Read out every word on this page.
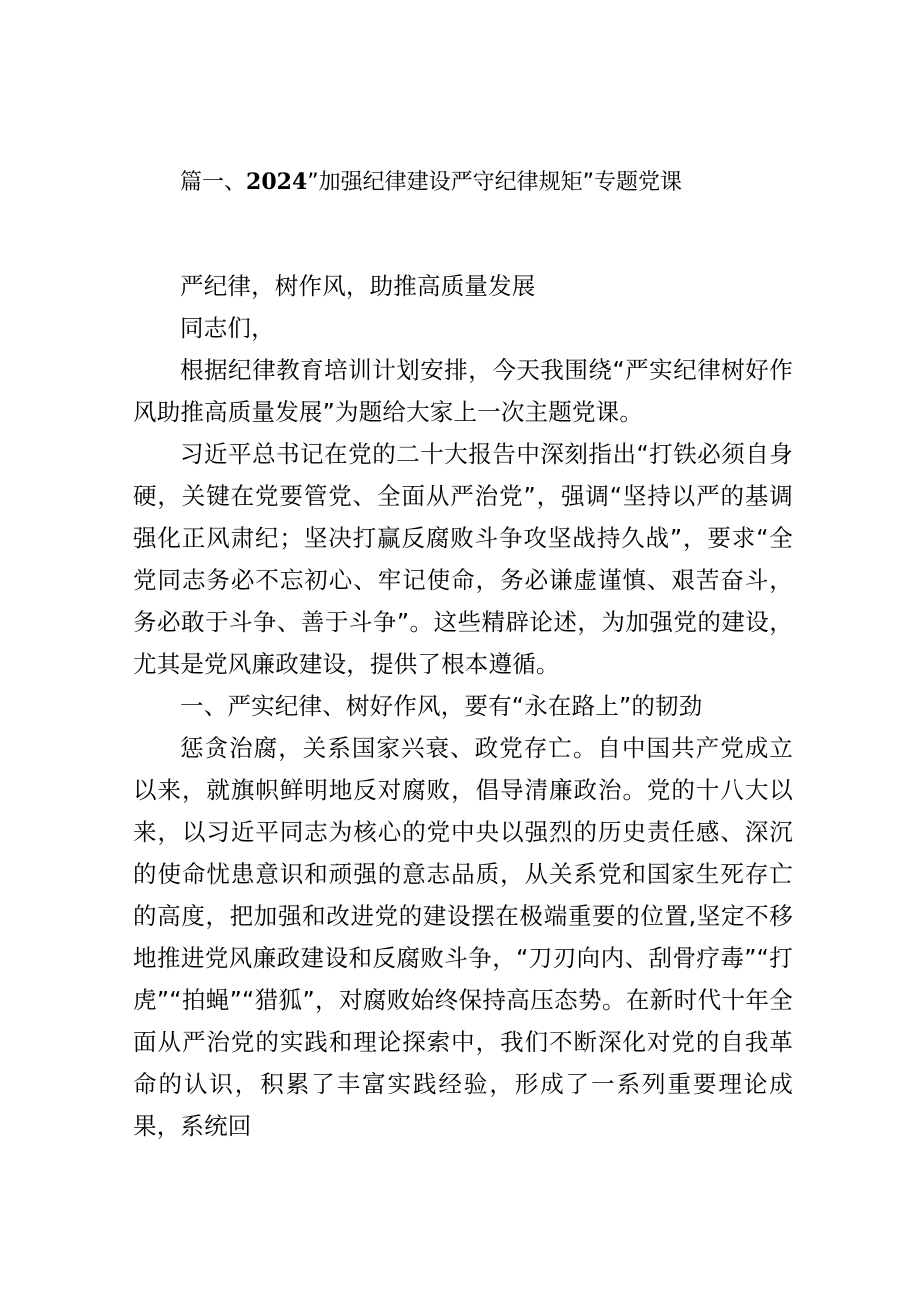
篇一、2024”加强纪律建设严守纪律规矩”专题党课

严纪律，树作风，助推高质量发展

同志们，

根据纪律教育培训计划安排，今天我围绕“严实纪律树好作风助推高质量发展”为题给大家上一次主题党课。

习近平总书记在党的二十大报告中深刻指出“打铁必须自身硬，关键在党要管党、全面从严治党”，强调“坚持以严的基调强化正风肃纪；坚决打赢反腐败斗争攻坚战持久战”，要求“全党同志务必不忘初心、牢记使命，务必谦虚谨慎、艰苦奋斗，务必敢于斗争、善于斗争”。这些精辟论述，为加强党的建设，尤其是党风廉政建设，提供了根本遵循。

一、严实纪律、树好作风，要有“永在路上”的韧劲

惩贪治腐，关系国家兴衰、政党存亡。自中国共产党成立以来，就旗帜鲜明地反对腐败，倡导清廉政治。党的十八大以来，以习近平同志为核心的党中央以强烈的历史责任感、深沉的使命忧患意识和顽强的意志品质，从关系党和国家生死存亡的高度，把加强和改进党的建设摆在极端重要的位置,坚定不移地推进党风廉政建设和反腐败斗争，“刀刃向内、刮骨疗毒”“打虎”“拍蝇”“猎狐”，对腐败始终保持高压态势。在新时代十年全面从严治党的实践和理论探索中，我们不断深化对党的自我革命的认识，积累了丰富实践经验，形成了一系列重要理论成果，系统回
